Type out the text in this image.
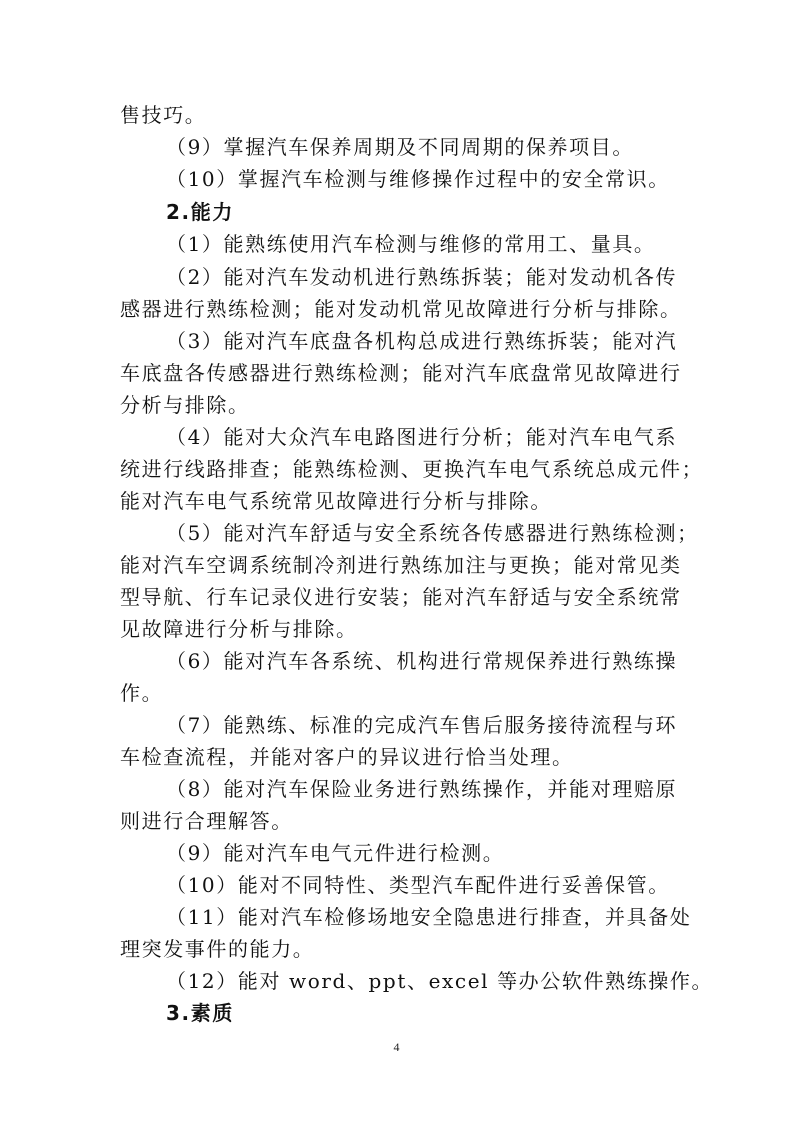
售技巧。
（9）掌握汽车保养周期及不同周期的保养项目。
（10）掌握汽车检测与维修操作过程中的安全常识。
2.能力
（1）能熟练使用汽车检测与维修的常用工、量具。
（2）能对汽车发动机进行熟练拆装；能对发动机各传
感器进行熟练检测；能对发动机常见故障进行分析与排除。
（3）能对汽车底盘各机构总成进行熟练拆装；能对汽
车底盘各传感器进行熟练检测；能对汽车底盘常见故障进行
分析与排除。
（4）能对大众汽车电路图进行分析；能对汽车电气系
统进行线路排查；能熟练检测、更换汽车电气系统总成元件；
能对汽车电气系统常见故障进行分析与排除。
（5）能对汽车舒适与安全系统各传感器进行熟练检测；
能对汽车空调系统制冷剂进行熟练加注与更换；能对常见类
型导航、行车记录仪进行安装；能对汽车舒适与安全系统常
见故障进行分析与排除。
（6）能对汽车各系统、机构进行常规保养进行熟练操
作。
（7）能熟练、标准的完成汽车售后服务接待流程与环
车检查流程，并能对客户的异议进行恰当处理。
（8）能对汽车保险业务进行熟练操作，并能对理赔原
则进行合理解答。
（9）能对汽车电气元件进行检测。
（10）能对不同特性、类型汽车配件进行妥善保管。
（11）能对汽车检修场地安全隐患进行排查，并具备处
理突发事件的能力。
（12）能对 word、ppt、excel 等办公软件熟练操作。
3.素质
4
